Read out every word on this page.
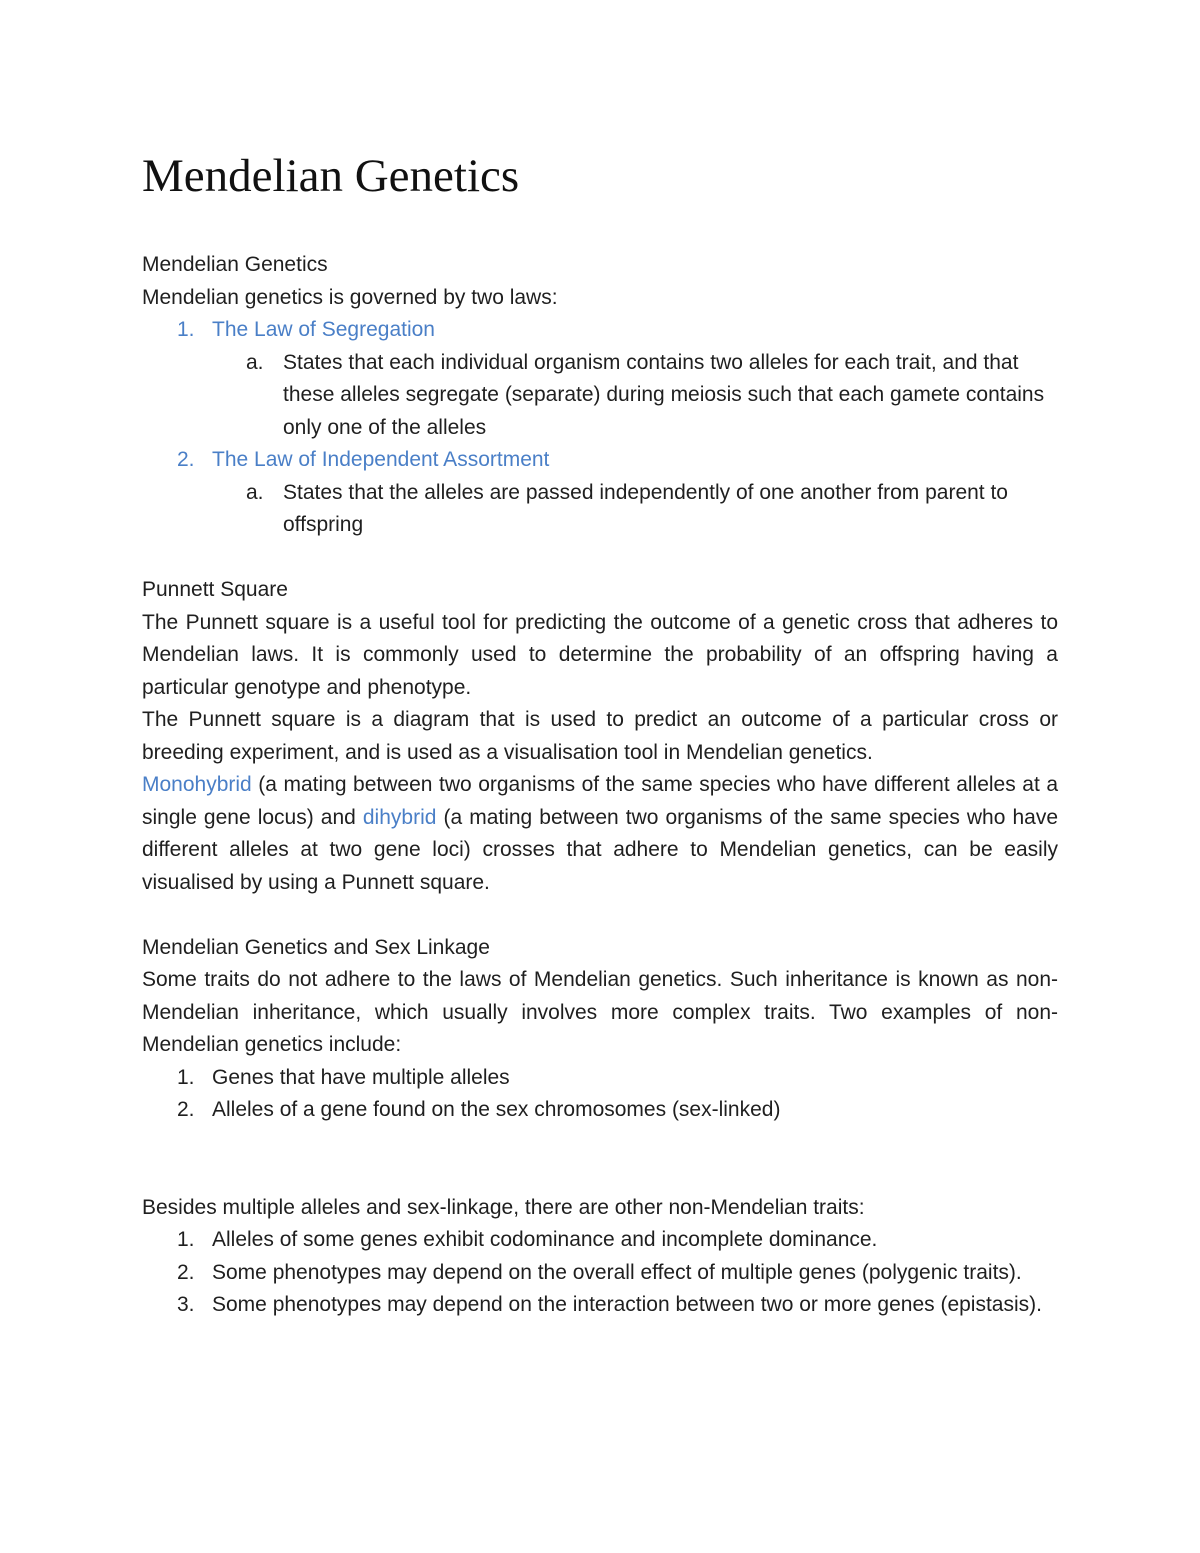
Mendelian Genetics
Mendelian Genetics
Mendelian genetics is governed by two laws:
1. The Law of Segregation
a. States that each individual organism contains two alleles for each trait, and that these alleles segregate (separate) during meiosis such that each gamete contains only one of the alleles
2. The Law of Independent Assortment
a. States that the alleles are passed independently of one another from parent to offspring
Punnett Square
The Punnett square is a useful tool for predicting the outcome of a genetic cross that adheres to Mendelian laws. It is commonly used to determine the probability of an offspring having a particular genotype and phenotype.
The Punnett square is a diagram that is used to predict an outcome of a particular cross or breeding experiment, and is used as a visualisation tool in Mendelian genetics.
Monohybrid (a mating between two organisms of the same species who have different alleles at a single gene locus) and dihybrid (a mating between two organisms of the same species who have different alleles at two gene loci) crosses that adhere to Mendelian genetics, can be easily visualised by using a Punnett square.
Mendelian Genetics and Sex Linkage
Some traits do not adhere to the laws of Mendelian genetics. Such inheritance is known as non-Mendelian inheritance, which usually involves more complex traits. Two examples of non-Mendelian genetics include:
1. Genes that have multiple alleles
2. Alleles of a gene found on the sex chromosomes (sex-linked)
Besides multiple alleles and sex-linkage, there are other non-Mendelian traits:
1. Alleles of some genes exhibit codominance and incomplete dominance.
2. Some phenotypes may depend on the overall effect of multiple genes (polygenic traits).
3. Some phenotypes may depend on the interaction between two or more genes (epistasis).
